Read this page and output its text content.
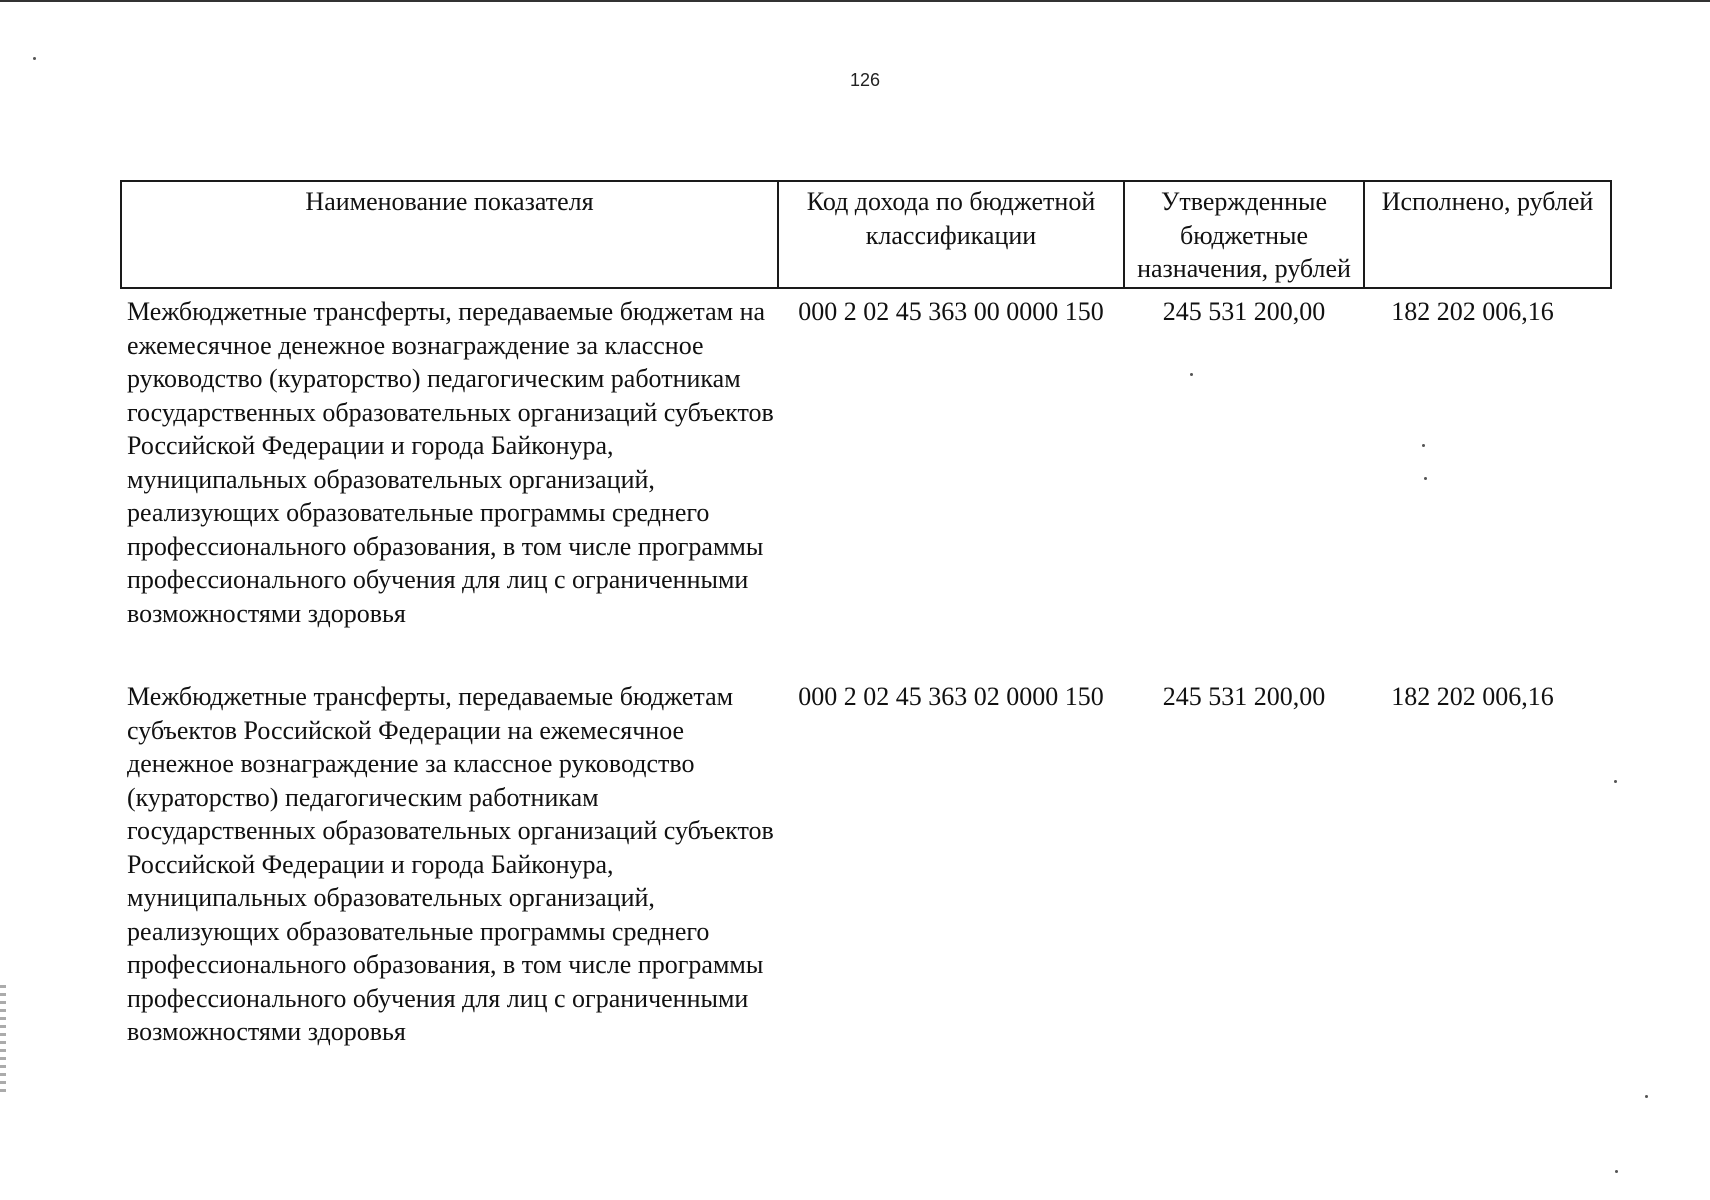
126
Наименование показателя	Код дохода по бюджетной классификации	Утвержденные бюджетные назначения, рублей	Исполнено, рублей
Межбюджетные трансферты, передаваемые бюджетам на ежемесячное денежное вознаграждение за классное руководство (кураторство) педагогическим работникам государственных образовательных организаций субъектов Российской Федерации и города Байконура, муниципальных образовательных организаций, реализующих образовательные программы среднего профессионального образования, в том числе программы профессионального обучения для лиц с ограниченными возможностями здоровья	000 2 02 45 363 00 0000 150	245 531 200,00	182 202 006,16
Межбюджетные трансферты, передаваемые бюджетам субъектов Российской Федерации на ежемесячное денежное вознаграждение за классное руководство (кураторство) педагогическим работникам государственных образовательных организаций субъектов Российской Федерации и города Байконура, муниципальных образовательных организаций, реализующих образовательные программы среднего профессионального образования, в том числе программы профессионального обучения для лиц с ограниченными возможностями здоровья	000 2 02 45 363 02 0000 150	245 531 200,00	182 202 006,16
